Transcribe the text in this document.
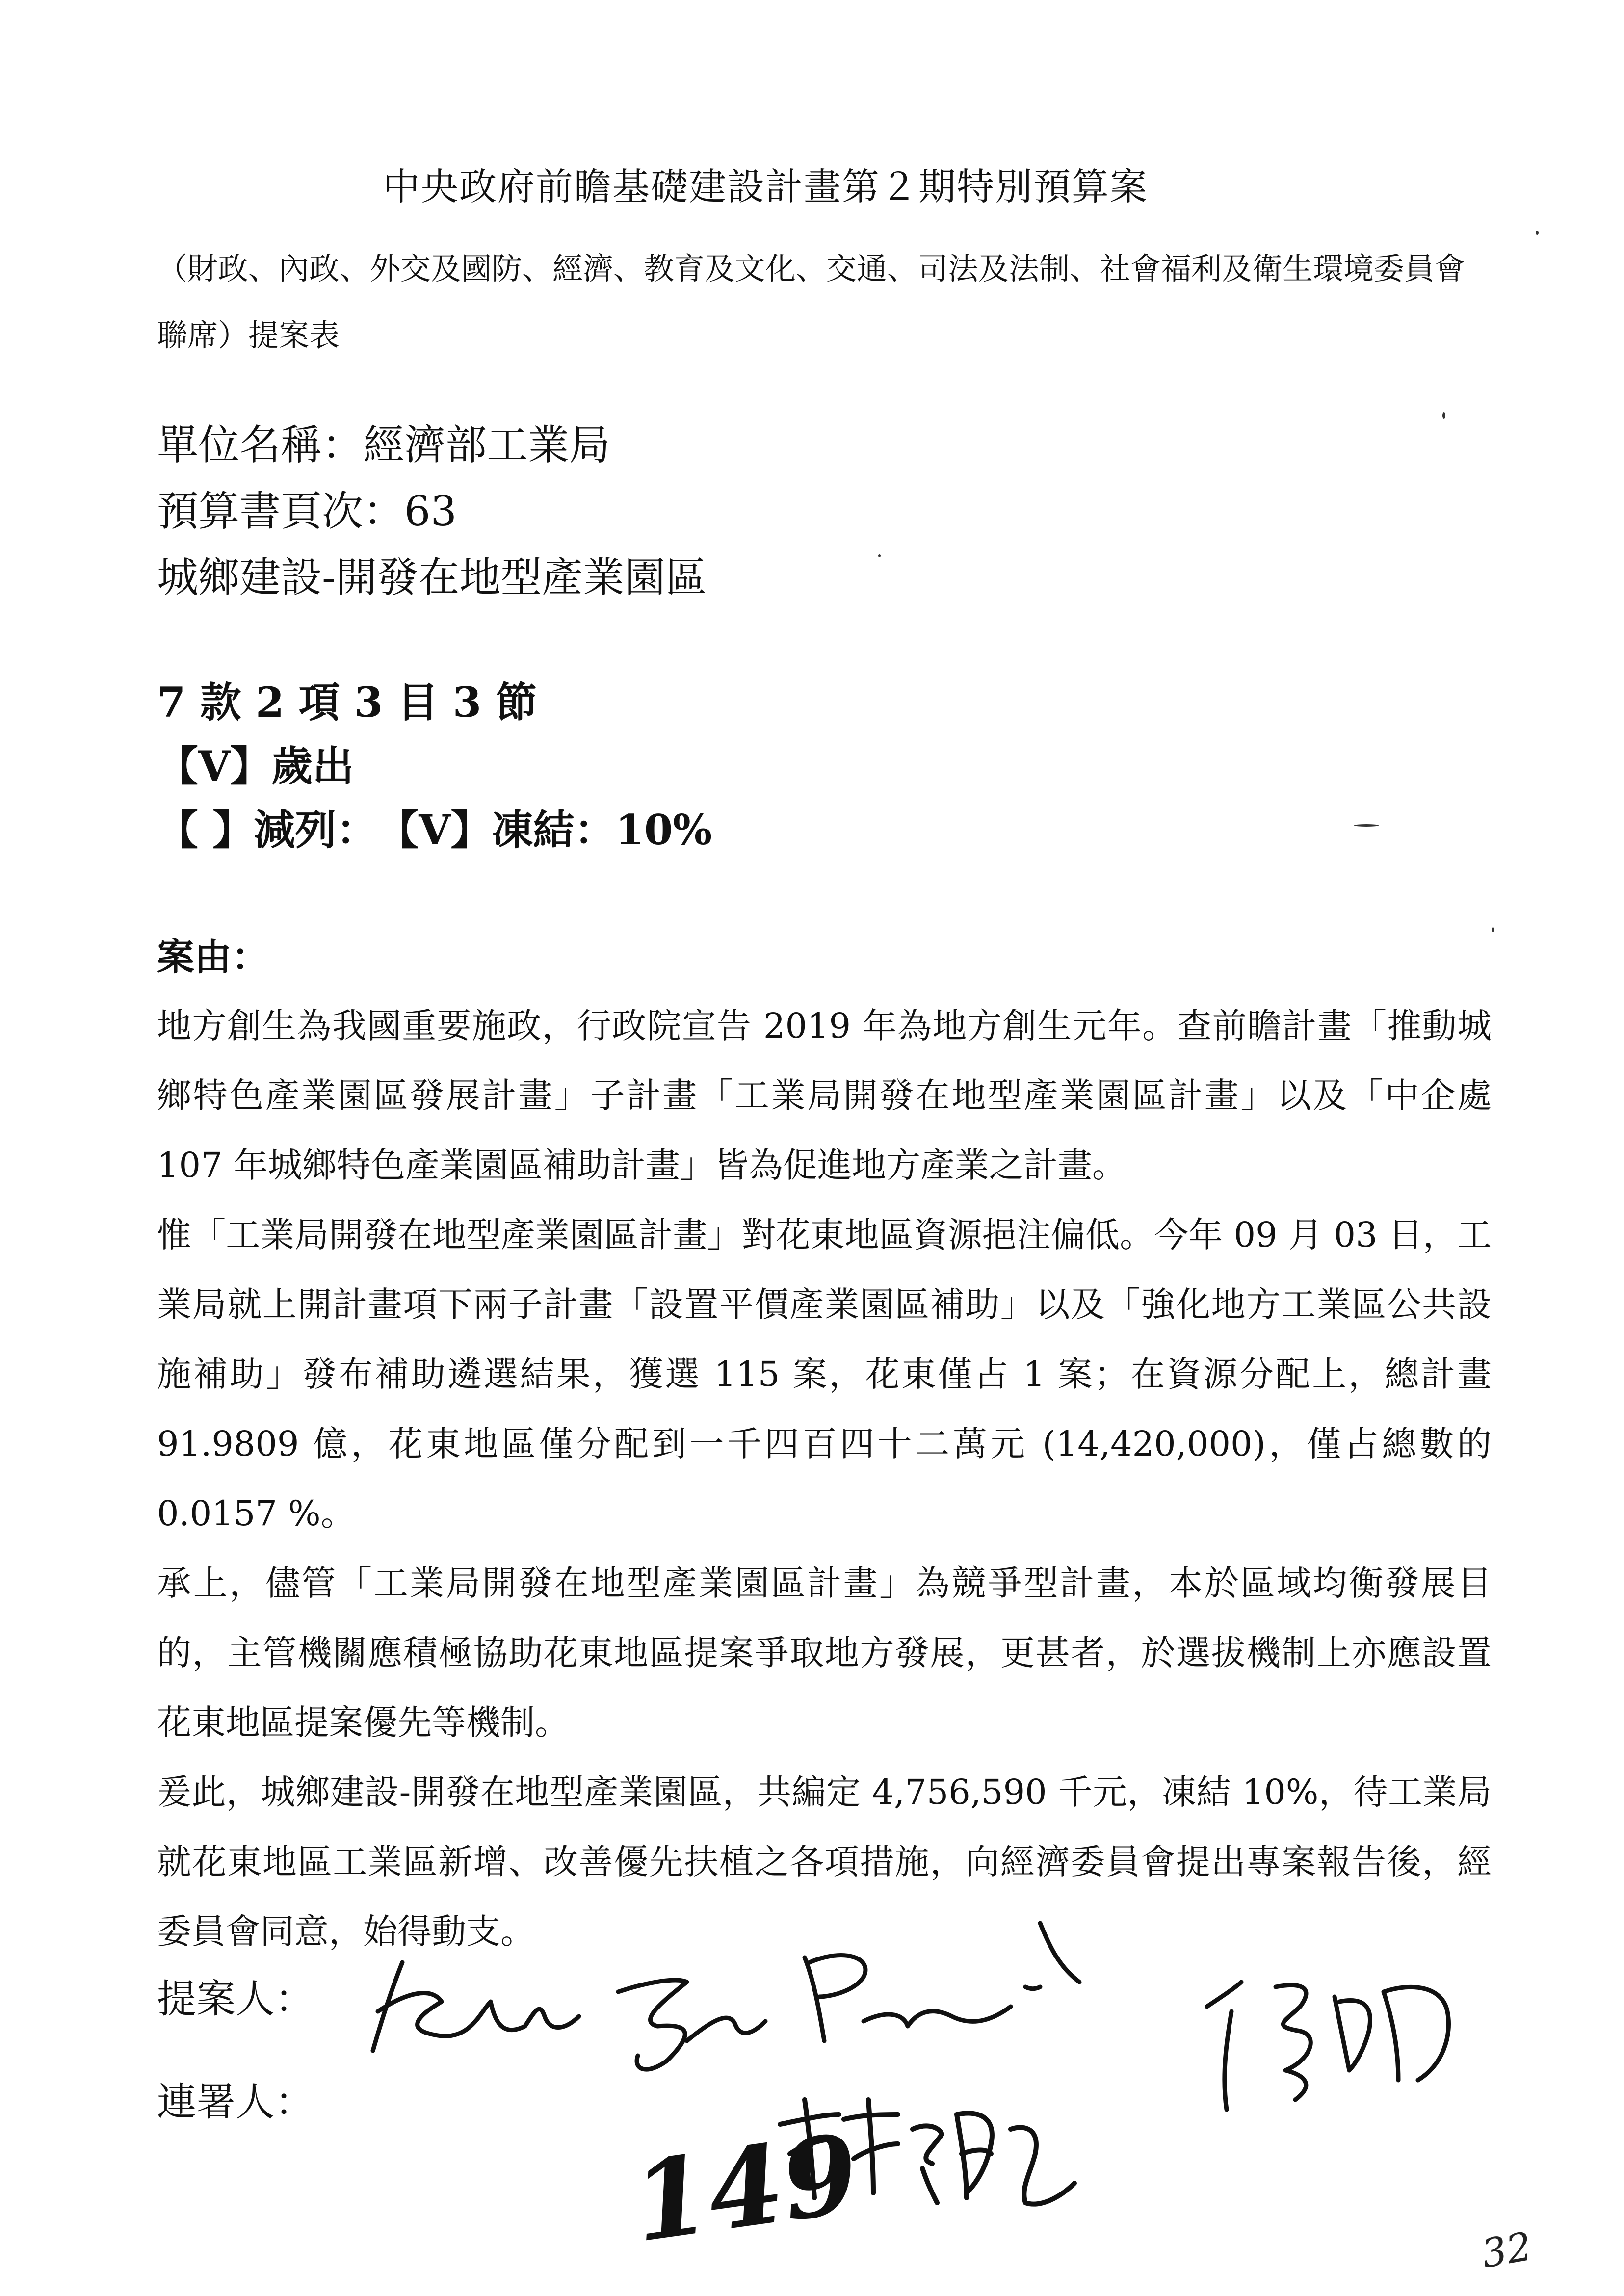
中央政府前瞻基礎建設計畫第２期特別預算案
（財政、內政、外交及國防、經濟、教育及文化、交通、司法及法制、社會福利及衛生環境委員會聯席）提案表
單位名稱：經濟部工業局
預算書頁次：63
城鄉建設-開發在地型產業園區
7 款 2 項 3 目 3 節
【V】歲出
【 】減列：　【V】凍結：10%
案由：
地方創生為我國重要施政，行政院宣告 2019 年為地方創生元年。查前瞻計畫「推動城鄉特色產業園區發展計畫」子計畫「工業局開發在地型產業園區計畫」以及「中企處 107 年城鄉特色產業園區補助計畫」皆為促進地方產業之計畫。
惟「工業局開發在地型產業園區計畫」對花東地區資源挹注偏低。今年 09 月 03 日，工業局就上開計畫項下兩子計畫「設置平價產業園區補助」以及「強化地方工業區公共設施補助」發布補助遴選結果，獲選 115 案，花東僅占 1 案；在資源分配上，總計畫 91.9809 億，花東地區僅分配到一千四百四十二萬元 (14,420,000)，僅占總數的 0.0157 %。
承上，儘管「工業局開發在地型產業園區計畫」為競爭型計畫，本於區域均衡發展目的，主管機關應積極協助花東地區提案爭取地方發展，更甚者，於選拔機制上亦應設置花東地區提案優先等機制。
爰此，城鄉建設-開發在地型產業園區，共編定 4,756,590 千元，凍結 10%，待工業局就花東地區工業區新增、改善優先扶植之各項措施，向經濟委員會提出專案報告後，經委員會同意，始得動支。
提案人：
連署人：
149	32
